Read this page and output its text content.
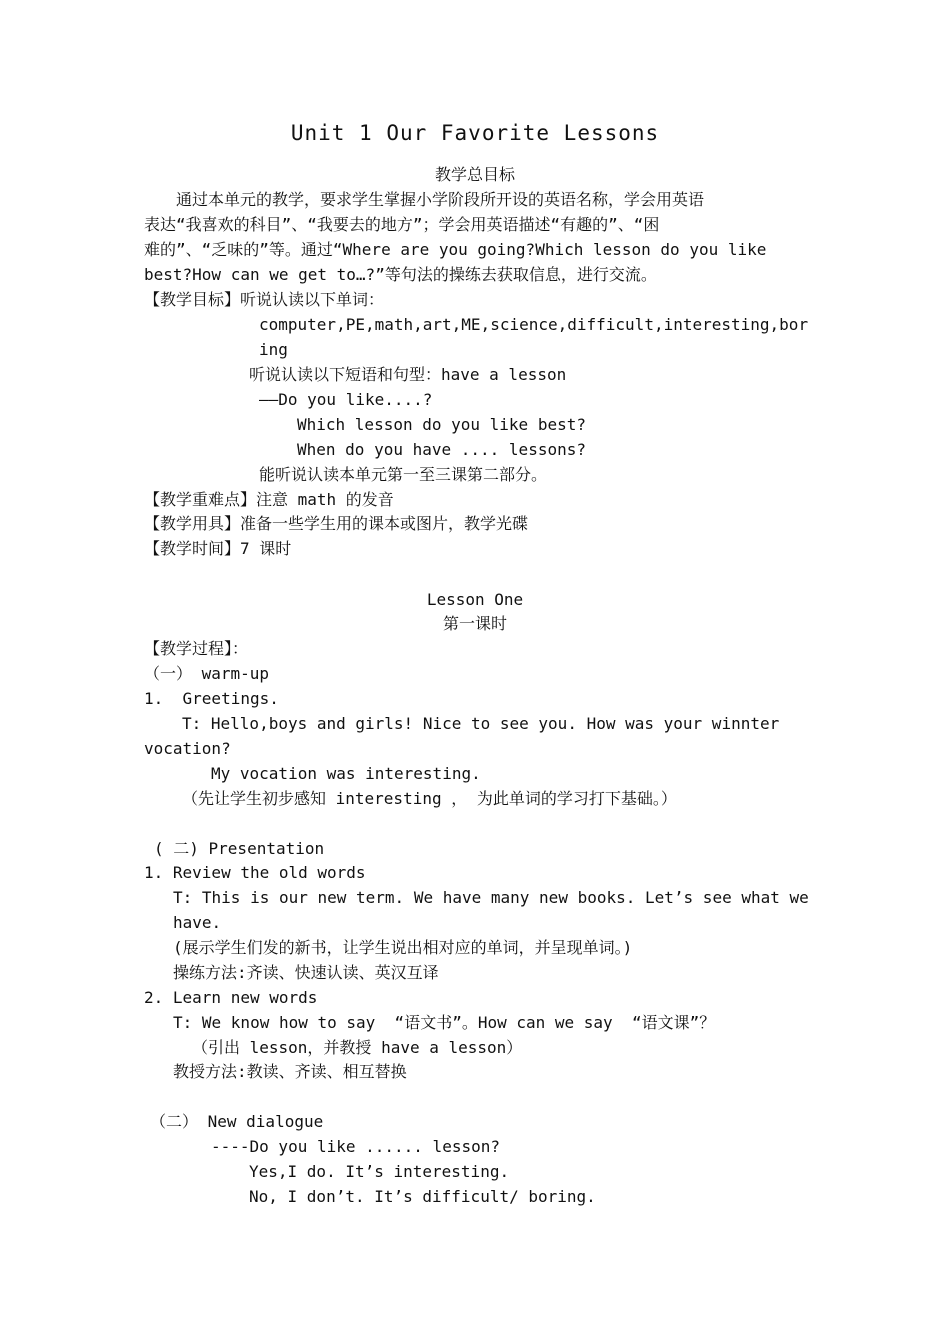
Unit 1 Our Favorite Lessons
教学总目标
　　通过本单元的教学，要求学生掌握小学阶段所开设的英语名称，学会用英语
表达“我喜欢的科目”、“我要去的地方”；学会用英语描述“有趣的”、“困
难的”、“乏味的”等。通过“Where are you going?Which lesson do you like
best?How can we get to…?”等句法的操练去获取信息，进行交流。
【教学目标】听说认读以下单词：
computer,PE,math,art,ME,science,difficult,interesting,bor
ing
听说认读以下短语和句型：have a lesson
——Do you like....?
Which lesson do you like best?
When do you have .... lessons?
能听说认读本单元第一至三课第二部分。
【教学重难点】注意 math 的发音
【教学用具】准备一些学生用的课本或图片，教学光碟
【教学时间】7 课时
Lesson One
第一课时
【教学过程】：
（一） warm-up
1.  Greetings.
T: Hello,boys and girls! Nice to see you. How was your winnter
vocation?
My vocation was interesting.
（先让学生初步感知 interesting ， 为此单词的学习打下基础。）
( 二) Presentation
1. Review the old words
T: This is our new term. We have many new books. Let’s see what we
have.
(展示学生们发的新书，让学生说出相对应的单词，并呈现单词。)
操练方法:齐读、快速认读、英汉互译
2. Learn new words
T: We know how to say  “语文书”。How can we say  “语文课”？
（引出 lesson，并教授 have a lesson）
教授方法:教读、齐读、相互替换
（二） New dialogue
----Do you like ...... lesson?
Yes,I do. It’s interesting.
No, I don’t. It’s difficult/ boring.
